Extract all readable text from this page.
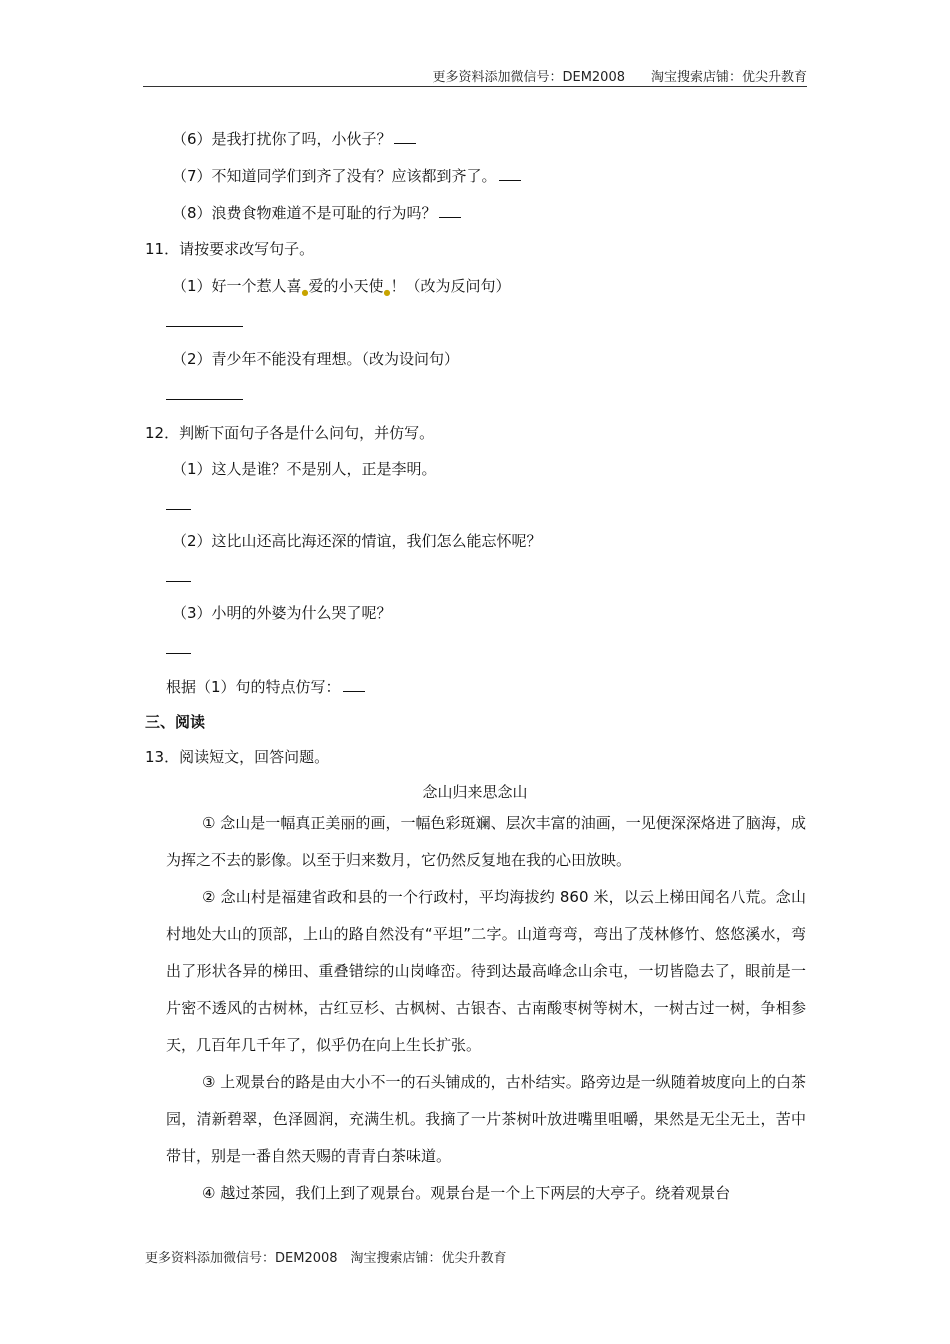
更多资料添加微信号：DEM2008　　淘宝搜索店铺：优尖升教育
（6）是我打扰你了吗，小伙子？
（7）不知道同学们到齐了没有？应该都到齐了。
（8）浪费食物难道不是可耻的行为吗？
11．请按要求改写句子。
（1）好一个惹人喜$_●$爱的小天使$_●$！（改为反问句）
（2）青少年不能没有理想。（改为设问句）
12．判断下面句子各是什么问句，并仿写。
（1）这人是谁？不是别人，正是李明。
（2）这比山还高比海还深的情谊，我们怎么能忘怀呢？
（3）小明的外婆为什么哭了呢？
根据（1）句的特点仿写：
三、阅读
13．阅读短文，回答问题。
念山归来思念山
① 念山是一幅真正美丽的画，一幅色彩斑斓、层次丰富的油画，一见便深深烙进了脑海，成为挥之不去的影像。以至于归来数月，它仍然反复地在我的心田放映。
② 念山村是福建省政和县的一个行政村，平均海拔约 860 米，以云上梯田闻名八荒。念山村地处大山的顶部，上山的路自然没有“平坦”二字。山道弯弯，弯出了茂林修竹、悠悠溪水，弯出了形状各异的梯田、重叠错综的山岗峰峦。待到达最高峰念山余屯，一切皆隐去了，眼前是一片密不透风的古树林，古红豆杉、古枫树、古银杏、古南酸枣树等树木，一树古过一树，争相参天，几百年几千年了，似乎仍在向上生长扩张。
③ 上观景台的路是由大小不一的石头铺成的，古朴结实。路旁边是一纵随着坡度向上的白茶园，清新碧翠，色泽圆润，充满生机。我摘了一片茶树叶放进嘴里咀嚼，果然是无尘无土，苦中带甘，别是一番自然天赐的青青白茶味道。
④ 越过茶园，我们上到了观景台。观景台是一个上下两层的大亭子。绕着观景台
更多资料添加微信号：DEM2008　淘宝搜索店铺：优尖升教育
